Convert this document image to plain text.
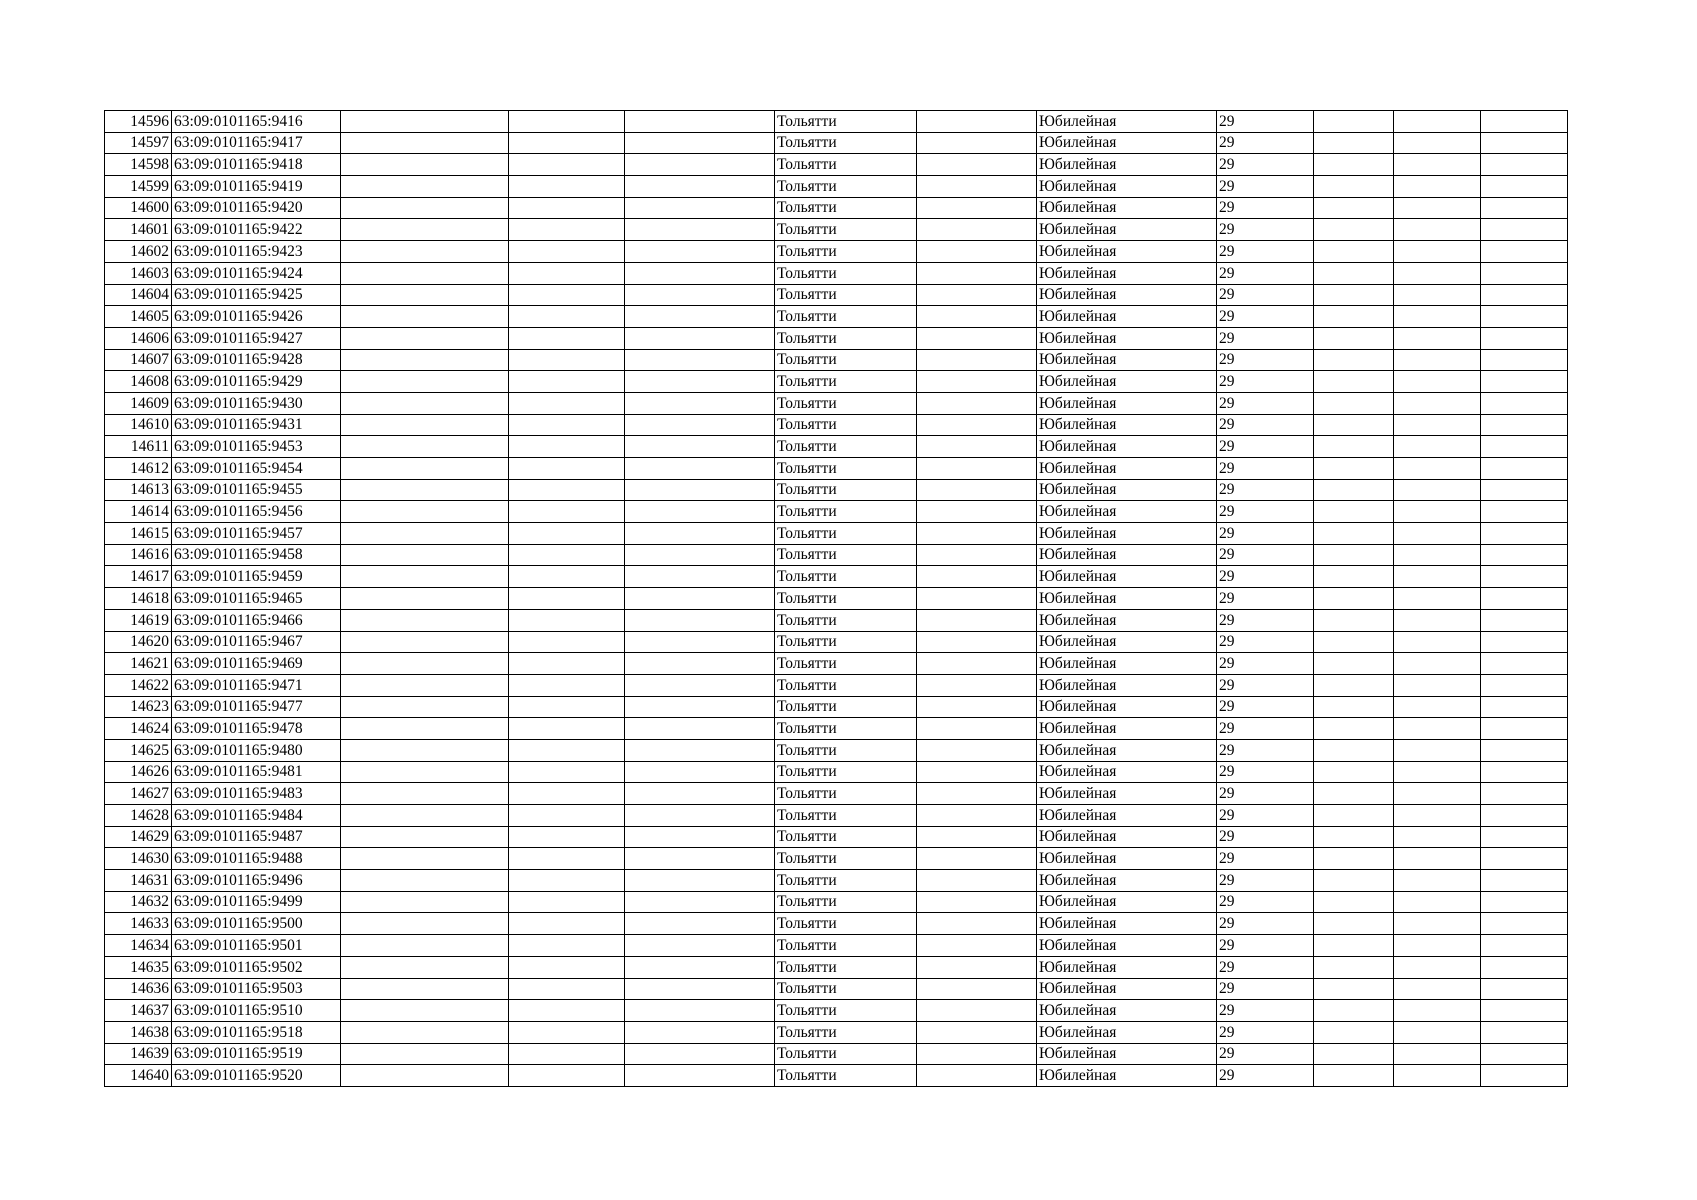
14596	63:09:0101165:9416				Тольятти		Юбилейная	29			
14597	63:09:0101165:9417				Тольятти		Юбилейная	29			
14598	63:09:0101165:9418				Тольятти		Юбилейная	29			
14599	63:09:0101165:9419				Тольятти		Юбилейная	29			
14600	63:09:0101165:9420				Тольятти		Юбилейная	29			
14601	63:09:0101165:9422				Тольятти		Юбилейная	29			
14602	63:09:0101165:9423				Тольятти		Юбилейная	29			
14603	63:09:0101165:9424				Тольятти		Юбилейная	29			
14604	63:09:0101165:9425				Тольятти		Юбилейная	29			
14605	63:09:0101165:9426				Тольятти		Юбилейная	29			
14606	63:09:0101165:9427				Тольятти		Юбилейная	29			
14607	63:09:0101165:9428				Тольятти		Юбилейная	29			
14608	63:09:0101165:9429				Тольятти		Юбилейная	29			
14609	63:09:0101165:9430				Тольятти		Юбилейная	29			
14610	63:09:0101165:9431				Тольятти		Юбилейная	29			
14611	63:09:0101165:9453				Тольятти		Юбилейная	29			
14612	63:09:0101165:9454				Тольятти		Юбилейная	29			
14613	63:09:0101165:9455				Тольятти		Юбилейная	29			
14614	63:09:0101165:9456				Тольятти		Юбилейная	29			
14615	63:09:0101165:9457				Тольятти		Юбилейная	29			
14616	63:09:0101165:9458				Тольятти		Юбилейная	29			
14617	63:09:0101165:9459				Тольятти		Юбилейная	29			
14618	63:09:0101165:9465				Тольятти		Юбилейная	29			
14619	63:09:0101165:9466				Тольятти		Юбилейная	29			
14620	63:09:0101165:9467				Тольятти		Юбилейная	29			
14621	63:09:0101165:9469				Тольятти		Юбилейная	29			
14622	63:09:0101165:9471				Тольятти		Юбилейная	29			
14623	63:09:0101165:9477				Тольятти		Юбилейная	29			
14624	63:09:0101165:9478				Тольятти		Юбилейная	29			
14625	63:09:0101165:9480				Тольятти		Юбилейная	29			
14626	63:09:0101165:9481				Тольятти		Юбилейная	29			
14627	63:09:0101165:9483				Тольятти		Юбилейная	29			
14628	63:09:0101165:9484				Тольятти		Юбилейная	29			
14629	63:09:0101165:9487				Тольятти		Юбилейная	29			
14630	63:09:0101165:9488				Тольятти		Юбилейная	29			
14631	63:09:0101165:9496				Тольятти		Юбилейная	29			
14632	63:09:0101165:9499				Тольятти		Юбилейная	29			
14633	63:09:0101165:9500				Тольятти		Юбилейная	29			
14634	63:09:0101165:9501				Тольятти		Юбилейная	29			
14635	63:09:0101165:9502				Тольятти		Юбилейная	29			
14636	63:09:0101165:9503				Тольятти		Юбилейная	29			
14637	63:09:0101165:9510				Тольятти		Юбилейная	29			
14638	63:09:0101165:9518				Тольятти		Юбилейная	29			
14639	63:09:0101165:9519				Тольятти		Юбилейная	29			
14640	63:09:0101165:9520				Тольятти		Юбилейная	29			
